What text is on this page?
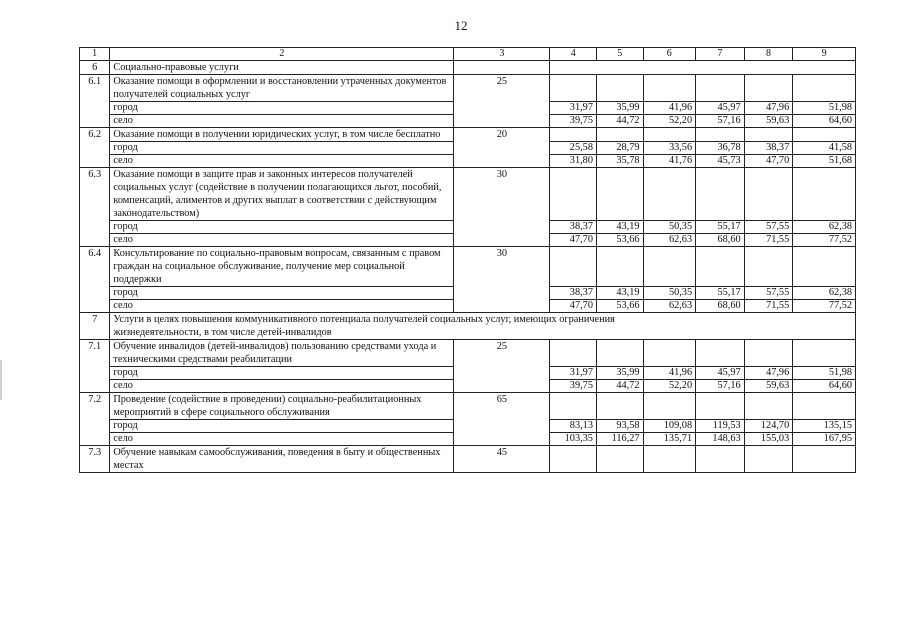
12
1	2	3	4	5	6	7	8	9
6	Социально-правовые услуги							
6.1	Оказание помощи в оформлении и восстановлении утраченных документов получателей социальных услуг	25						
	город		31,97	35,99	41,96	45,97	47,96	51,98
	село		39,75	44,72	52,20	57,16	59,63	64,60
6.2	Оказание помощи в получении юридических услуг, в том числе бесплатно	20						
	город		25,58	28,79	33,56	36,78	38,37	41,58
	село		31,80	35,78	41,76	45,73	47,70	51,68
6.3	Оказание помощи в защите прав и законных интересов получателей социальных услуг (содействие в получении полагающихся льгот, пособий, компенсаций, алиментов и других выплат в соответствии с действующим законодательством)	30						
	город		38,37	43,19	50,35	55,17	57,55	62,38
	село		47,70	53,66	62,63	68,60	71,55	77,52
6.4	Консультирование по социально-правовым вопросам, связанным с правом граждан на социальное обслуживание, получение мер социальной поддержки	30						
	город		38,37	43,19	50,35	55,17	57,55	62,38
	село		47,70	53,66	62,63	68,60	71,55	77,52
7	Услуги в целях повышения коммуникативного потенциала получателей социальных услуг, имеющих ограничения жизнедеятельности, в том числе детей-инвалидов							
7.1	Обучение инвалидов (детей-инвалидов) пользованию средствами ухода и техническими средствами реабилитации	25						
	город		31,97	35,99	41,96	45,97	47,96	51,98
	село		39,75	44,72	52,20	57,16	59,63	64,60
7.2	Проведение (содействие в проведении) социально-реабилитационных мероприятий в сфере социального обслуживания	65						
	город		83,13	93,58	109,08	119,53	124,70	135,15
	село		103,35	116,27	135,71	148,63	155,03	167,95
7.3	Обучение навыкам самообслуживания, поведения в быту и общественных местах	45						
